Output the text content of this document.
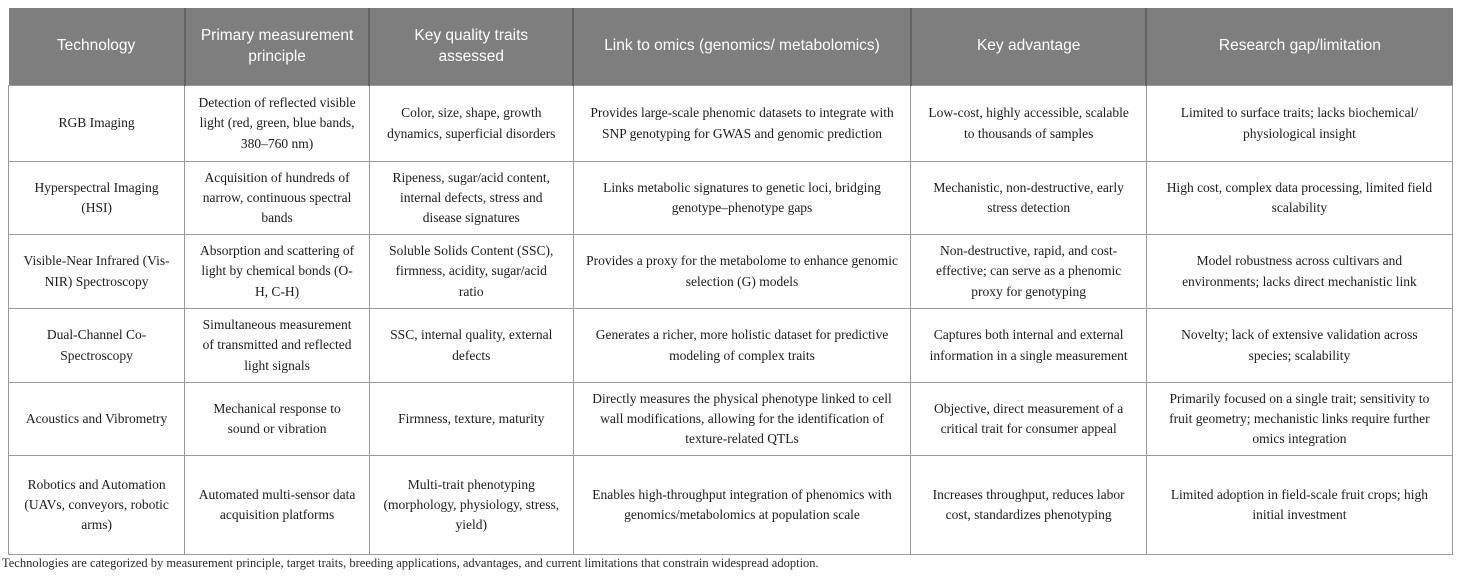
Technology	Primary measurement principle	Key quality traits assessed	Link to omics (genomics/ metabolomics)	Key advantage	Research gap/limitation
RGB Imaging	Detection of reflected visible light (red, green, blue bands, 380–760 nm)	Color, size, shape, growth dynamics, superficial disorders	Provides large-scale phenomic datasets to integrate with SNP genotyping for GWAS and genomic prediction	Low-cost, highly accessible, scalable to thousands of samples	Limited to surface traits; lacks biochemical/ physiological insight
Hyperspectral Imaging (HSI)	Acquisition of hundreds of narrow, continuous spectral bands	Ripeness, sugar/acid content, internal defects, stress and disease signatures	Links metabolic signatures to genetic loci, bridging genotype–phenotype gaps	Mechanistic, non-destructive, early stress detection	High cost, complex data processing, limited field scalability
Visible-Near Infrared (Vis-NIR) Spectroscopy	Absorption and scattering of light by chemical bonds (O-H, C-H)	Soluble Solids Content (SSC), firmness, acidity, sugar/acid ratio	Provides a proxy for the metabolome to enhance genomic selection (G) models	Non-destructive, rapid, and cost-effective; can serve as a phenomic proxy for genotyping	Model robustness across cultivars and environments; lacks direct mechanistic link
Dual-Channel Co-Spectroscopy	Simultaneous measurement of transmitted and reflected light signals	SSC, internal quality, external defects	Generates a richer, more holistic dataset for predictive modeling of complex traits	Captures both internal and external information in a single measurement	Novelty; lack of extensive validation across species; scalability
Acoustics and Vibrometry	Mechanical response to sound or vibration	Firmness, texture, maturity	Directly measures the physical phenotype linked to cell wall modifications, allowing for the identification of texture-related QTLs	Objective, direct measurement of a critical trait for consumer appeal	Primarily focused on a single trait; sensitivity to fruit geometry; mechanistic links require further omics integration
Robotics and Automation (UAVs, conveyors, robotic arms)	Automated multi-sensor data acquisition platforms	Multi-trait phenotyping (morphology, physiology, stress, yield)	Enables high-throughput integration of phenomics with genomics/metabolomics at population scale	Increases throughput, reduces labor cost, standardizes phenotyping	Limited adoption in field-scale fruit crops; high initial investment
Technologies are categorized by measurement principle, target traits, breeding applications, advantages, and current limitations that constrain widespread adoption.
